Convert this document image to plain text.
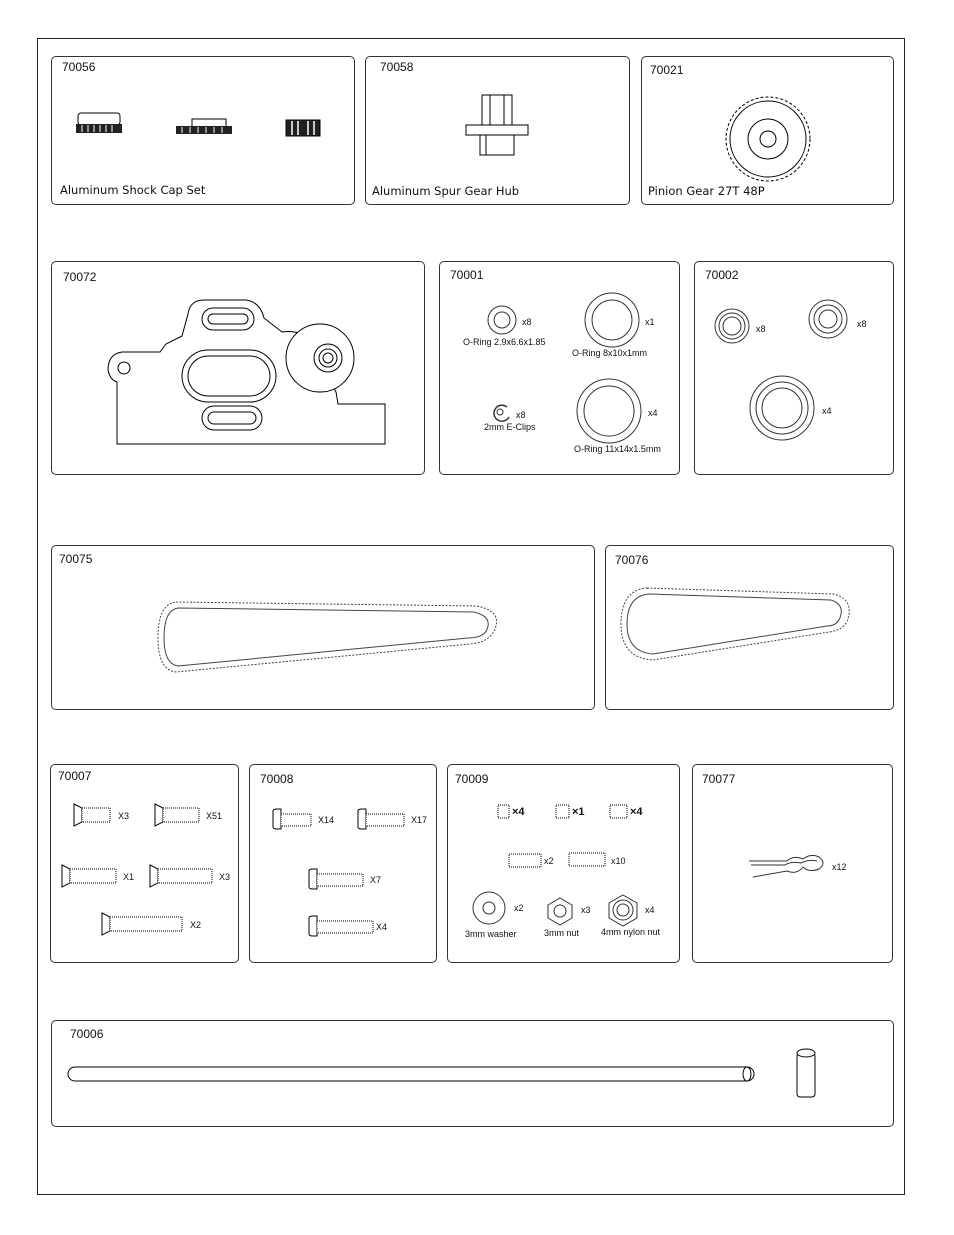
70056
Aluminum Shock Cap Set
70058
Aluminum Spur Gear Hub
70021
Pinion Gear 27T 48P
70072	70001
x8
O-Ring 2.9x6.6x1.85
x1
O-Ring 8x10x1mm
x8
2mm E-Clips
x4
O-Ring 11x14x1.5mm
70002
x8	x8
x4
70075	70076
70007
X3	X51
X1	X3
X2
70008
X14	X17
X7
X4
70009
×4	×1	×4
x2	x10
x2
3mm washer
x3
3mm nut
x4
4mm nylon nut
70077
x12
70006
